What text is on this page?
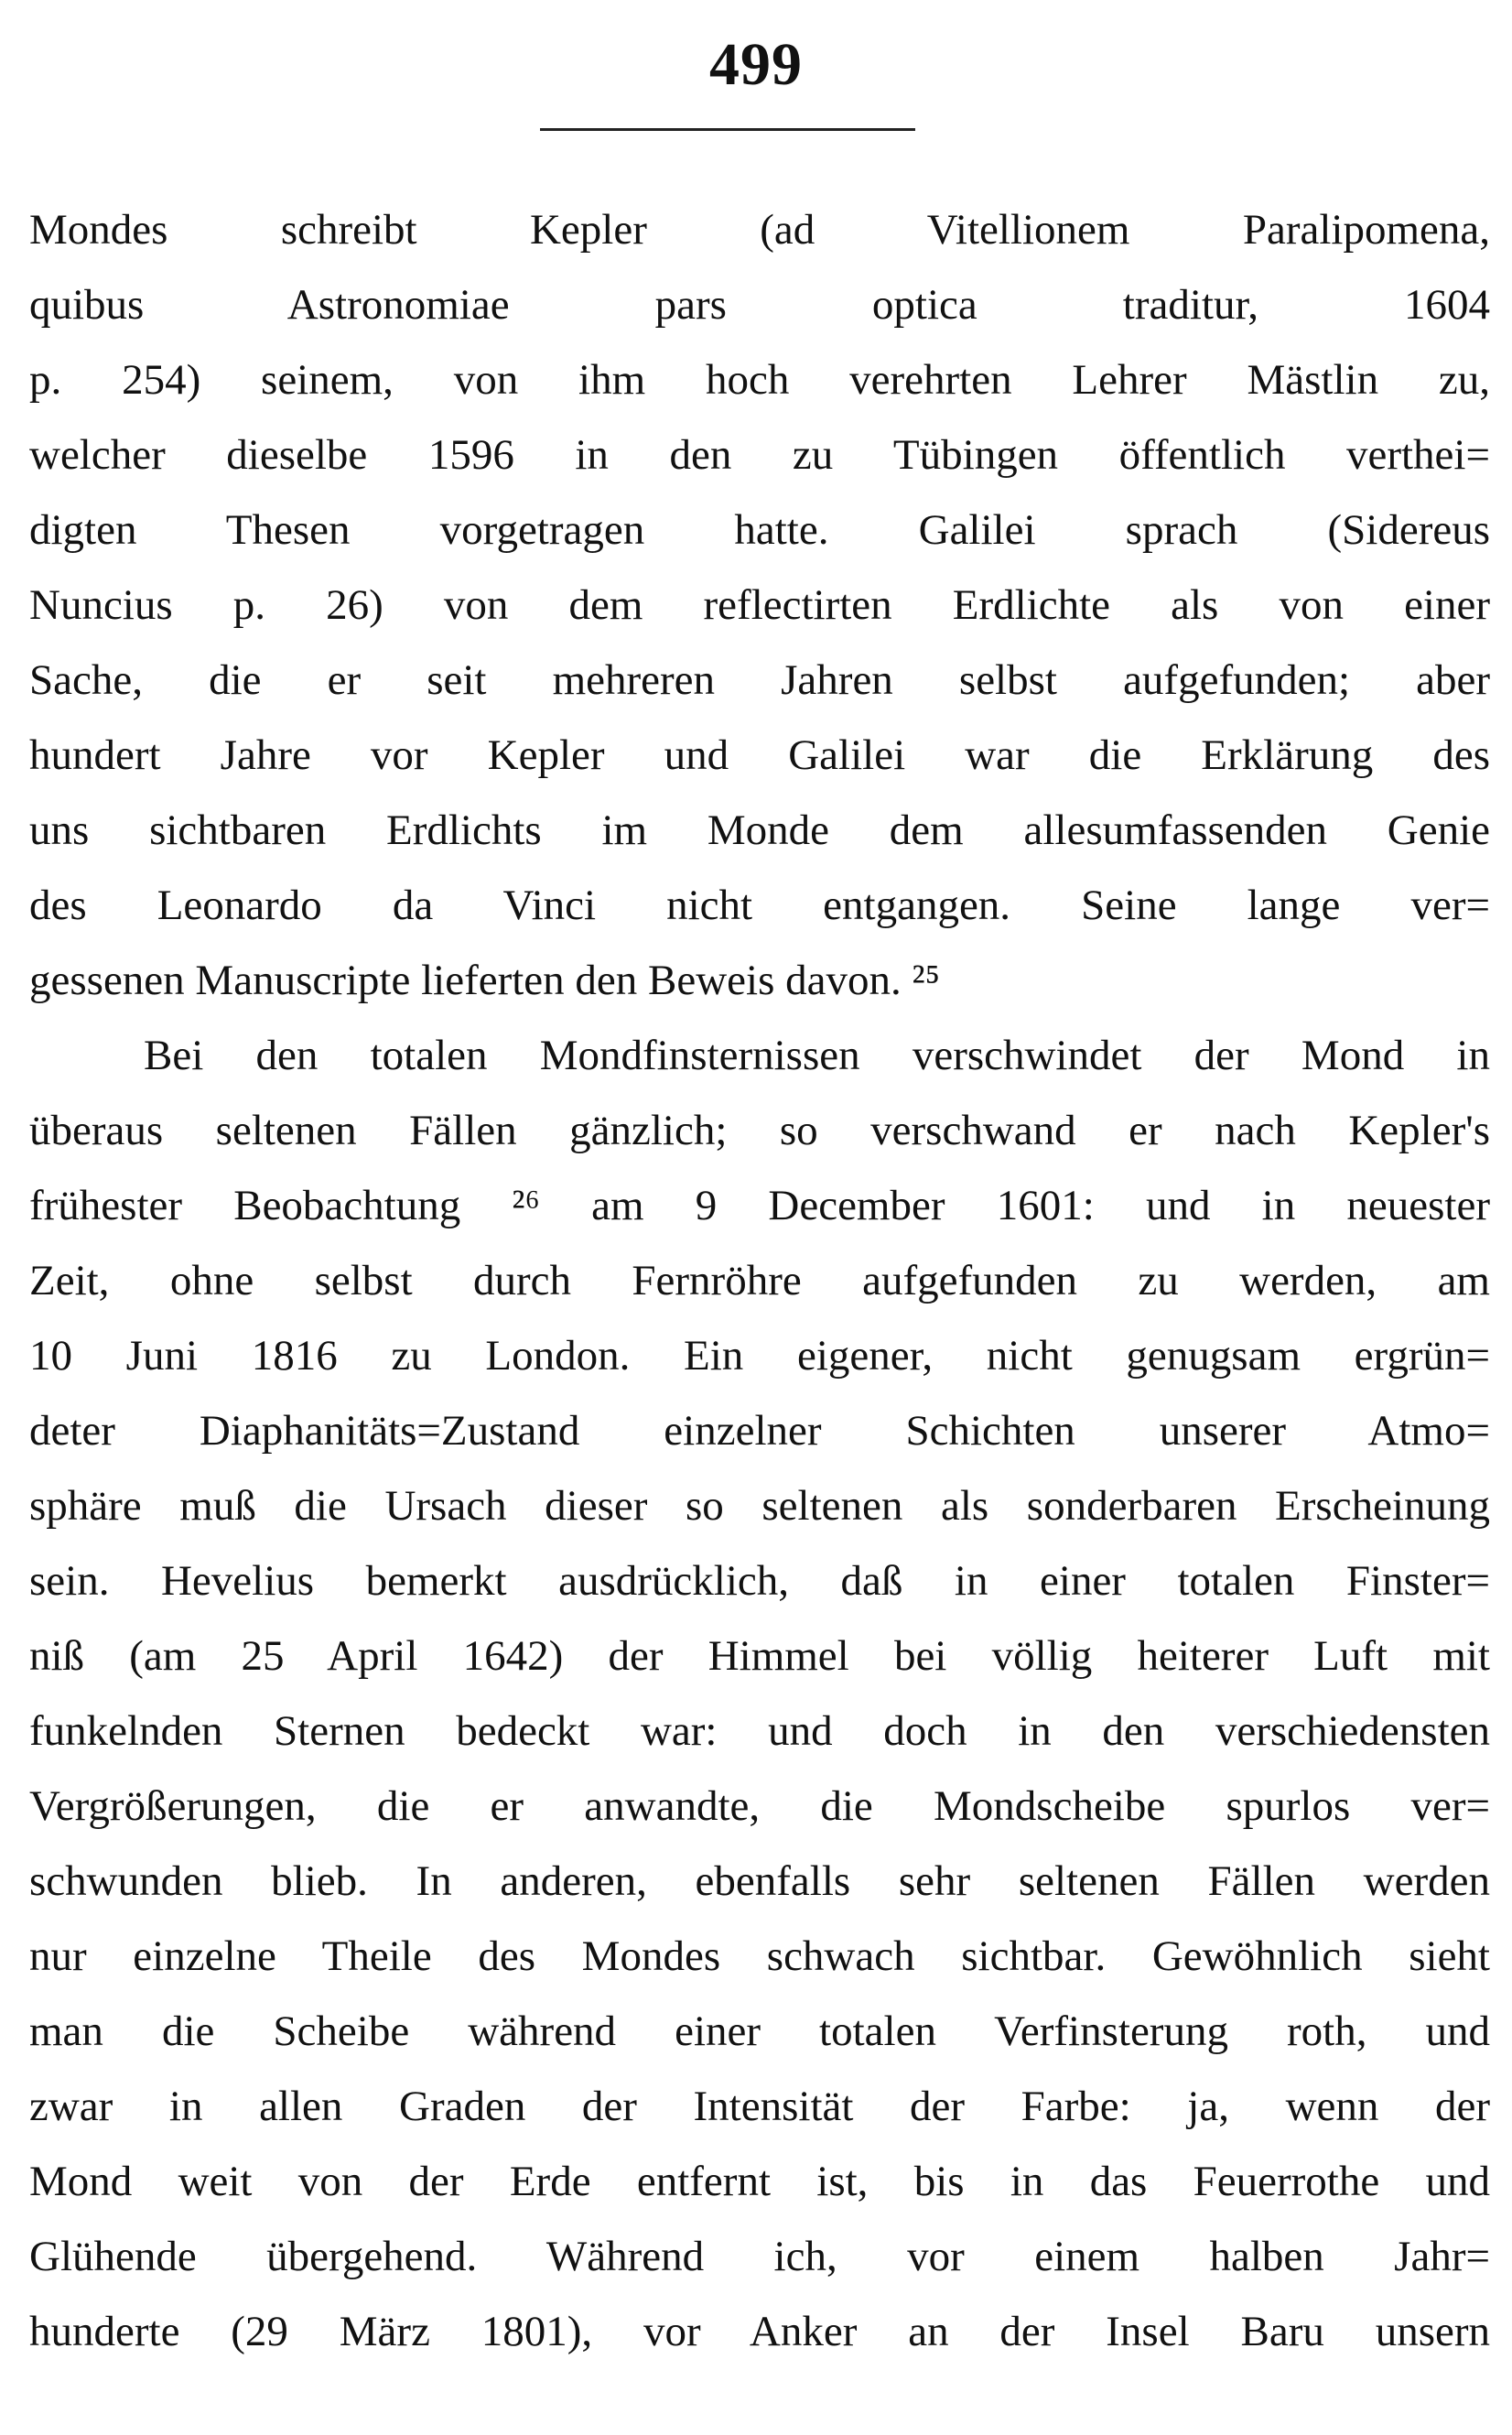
499
Mondes schreibt Kepler (ad Vitellionem Paralipomena,
quibus Astronomiae pars optica traditur, 1604
p. 254) seinem, von ihm hoch verehrten Lehrer Mästlin zu,
welcher dieselbe 1596 in den zu Tübingen öffentlich verthei=
digten Thesen vorgetragen hatte. Galilei sprach (Sidereus
Nuncius p. 26) von dem reflectirten Erdlichte als von einer
Sache, die er seit mehreren Jahren selbst aufgefunden; aber
hundert Jahre vor Kepler und Galilei war die Erklärung des
uns sichtbaren Erdlichts im Monde dem allesumfassenden Genie
des Leonardo da Vinci nicht entgangen. Seine lange ver=
gessenen Manuscripte lieferten den Beweis davon. ²⁵
Bei den totalen Mondfinsternissen verschwindet der Mond in
überaus seltenen Fällen gänzlich; so verschwand er nach Kepler's
frühester Beobachtung ²⁶ am 9 December 1601: und in neuester
Zeit, ohne selbst durch Fernröhre aufgefunden zu werden, am
10 Juni 1816 zu London. Ein eigener, nicht genugsam ergrün=
deter Diaphanitäts=Zustand einzelner Schichten unserer Atmo=
sphäre muß die Ursach dieser so seltenen als sonderbaren Erscheinung
sein. Hevelius bemerkt ausdrücklich, daß in einer totalen Finster=
niß (am 25 April 1642) der Himmel bei völlig heiterer Luft mit
funkelnden Sternen bedeckt war: und doch in den verschiedensten
Vergrößerungen, die er anwandte, die Mondscheibe spurlos ver=
schwunden blieb. In anderen, ebenfalls sehr seltenen Fällen werden
nur einzelne Theile des Mondes schwach sichtbar. Gewöhnlich sieht
man die Scheibe während einer totalen Verfinsterung roth, und
zwar in allen Graden der Intensität der Farbe: ja, wenn der
Mond weit von der Erde entfernt ist, bis in das Feuerrothe und
Glühende übergehend. Während ich, vor einem halben Jahr=
hunderte (29 März 1801), vor Anker an der Insel Baru unsern
